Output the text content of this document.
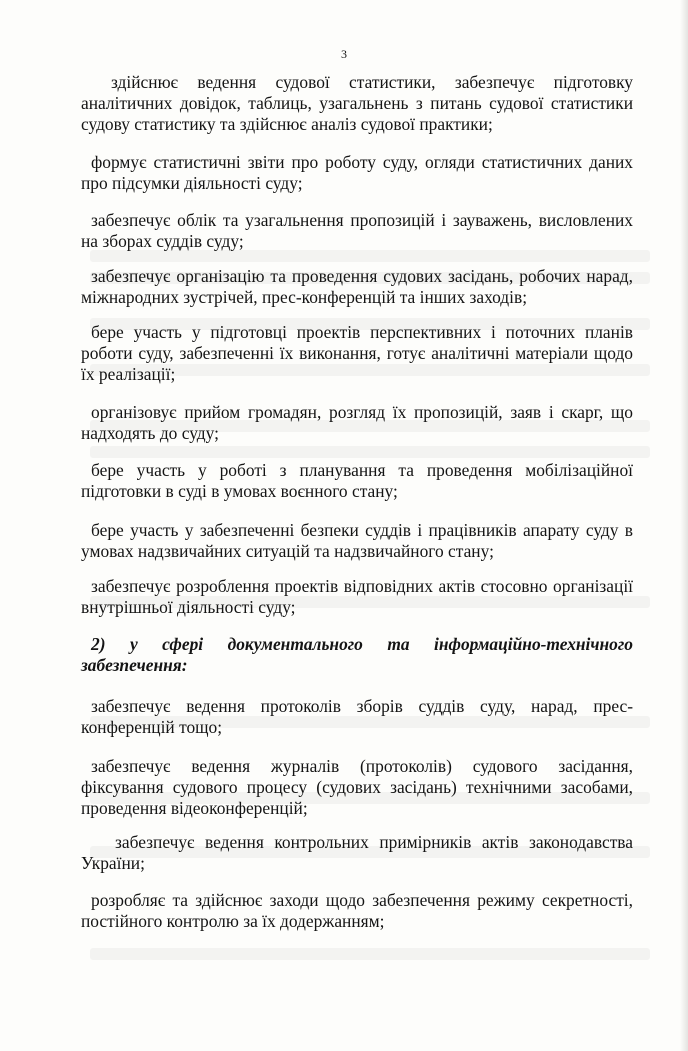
3
здійснює ведення судової статистики, забезпечує підготовку аналітичних довідок, таблиць, узагальнень з питань судової статистики судову статистику та здійснює аналіз судової практики;
формує статистичні звіти про роботу суду, огляди статистичних даних про підсумки діяльності суду;
забезпечує облік та узагальнення пропозицій і зауважень, висловлених на зборах суддів суду;
забезпечує організацію та проведення судових засідань, робочих нарад, міжнародних зустрічей, прес-конференцій та інших заходів;
бере участь у підготовці проектів перспективних і поточних планів роботи суду, забезпеченні їх виконання, готує аналітичні матеріали щодо їх реалізації;
організовує прийом громадян, розгляд їх пропозицій, заяв і скарг, що надходять до суду;
бере участь у роботі з планування та проведення мобілізаційної підготовки в суді в умовах воєнного стану;
бере участь у забезпеченні безпеки суддів і працівників апарату суду в умовах надзвичайних ситуацій та надзвичайного стану;
забезпечує розроблення проектів відповідних актів стосовно організації внутрішньої діяльності суду;
2) у сфері документального та інформаційно-технічного забезпечення:
забезпечує ведення протоколів зборів суддів суду, нарад, прес-конференцій тощо;
забезпечує ведення журналів (протоколів) судового засідання, фіксування судового процесу (судових засідань) технічними засобами, проведення відеоконференцій;
забезпечує ведення контрольних примірників актів законодавства України;
розробляє та здійснює заходи щодо забезпечення режиму секретності, постійного контролю за їх додержанням;
